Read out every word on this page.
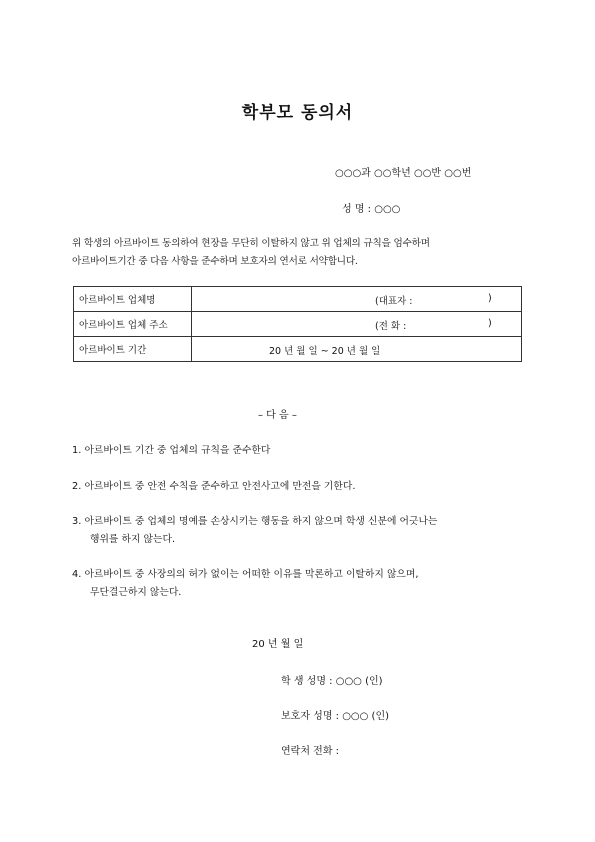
학부모 동의서
○○○과 ○○학년 ○○반 ○○번
성 명 : ○○○
위 학생의 아르바이트 동의하여 현장을 무단히 이탈하지 않고 위 업체의 규칙을 엄수하며
아르바이트기간 중 다음 사항을 준수하며 보호자의 연서로 서약합니다.
아르바이트 업체명	(대표자 : )

아르바이트 업체 주소	(전 화 : )

아르바이트 기간	20 년 월 일 ~ 20 년 월 일
– 다 음 –
1. 아르바이트 기간 중 업체의 규칙을 준수한다
2. 아르바이트 중 안전 수칙을 준수하고 안전사고에 만전을 기한다.
3. 아르바이트 중 업체의 명예를 손상시키는 행동을 하지 않으며 학생 신분에 어긋나는
행위를 하지 않는다.
4. 아르바이트 중 사장의의 허가 없이는 어떠한 이유를 막론하고 이탈하지 않으며,
무단결근하지 않는다.
20 년 월 일
학 생 성명 : ○○○ (인)
보호자 성명 : ○○○ (인)
연락처 전화 :
